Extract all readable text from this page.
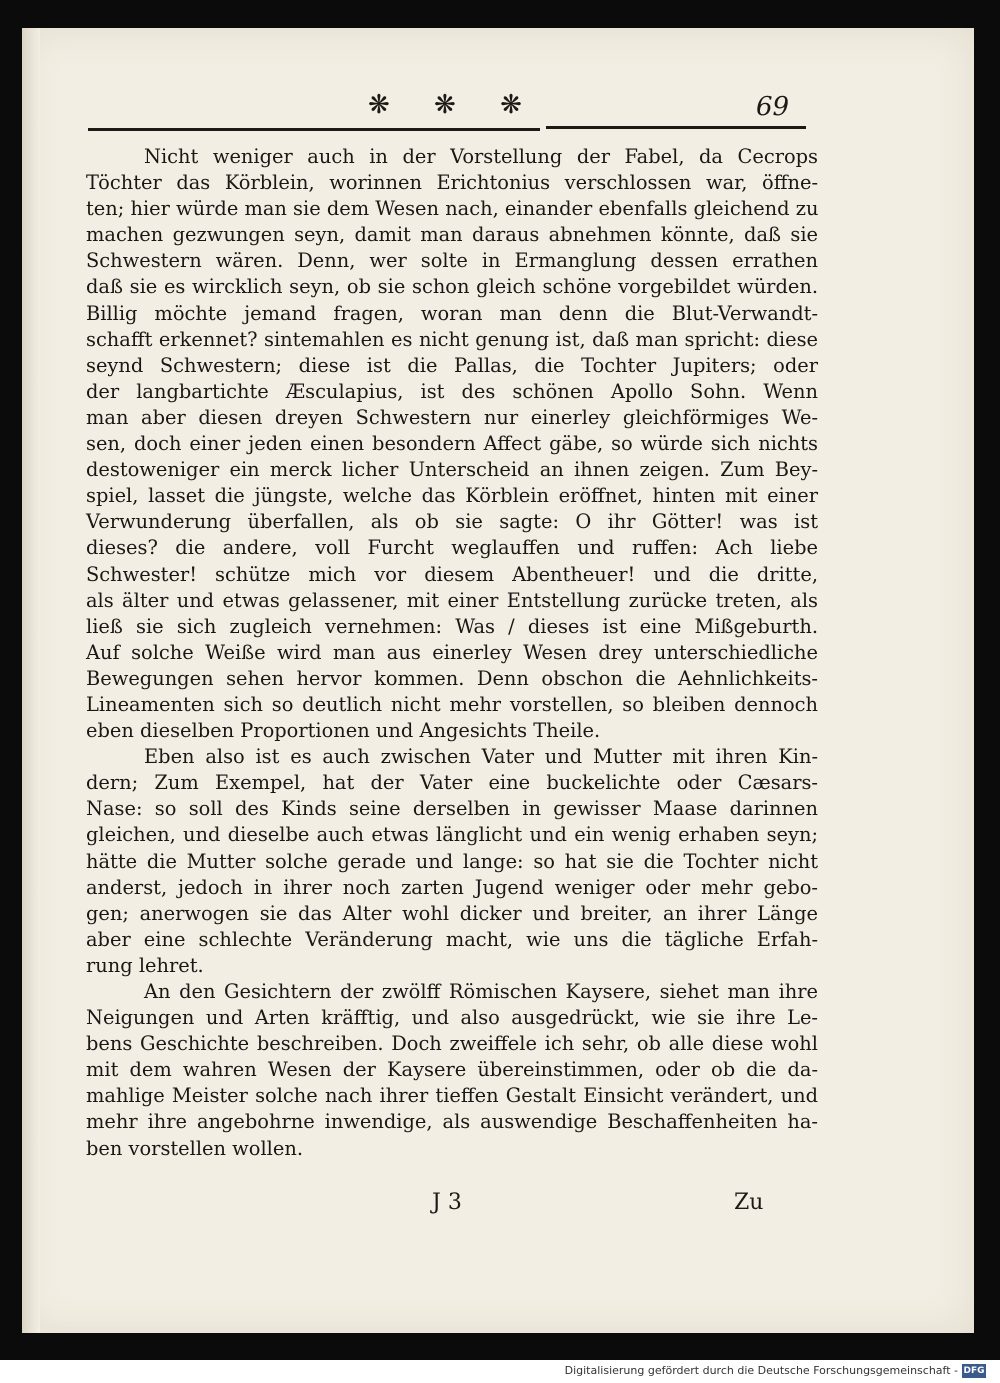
❋ ❋ ❋	69
Nicht weniger auch in der Vorstellung der Fabel, da Cecrops
Töchter das Körblein, worinnen Erichtonius verschlossen war, öffne-
ten; hier würde man sie dem Wesen nach, einander ebenfalls gleichend zu
machen gezwungen seyn, damit man daraus abnehmen könnte, daß sie
Schwestern wären. Denn, wer solte in Ermanglung dessen errathen
daß sie es wircklich seyn, ob sie schon gleich schöne vorgebildet würden.
Billig möchte jemand fragen, woran man denn die Blut-Verwandt-
schafft erkennet? sintemahlen es nicht genung ist, daß man spricht: diese
seynd Schwestern; diese ist die Pallas, die Tochter Jupiters; oder
der langbartichte Æsculapius, ist des schönen Apollo Sohn. Wenn
man aber diesen dreyen Schwestern nur einerley gleichförmiges We-
sen, doch einer jeden einen besondern Affect gäbe, so würde sich nichts
destoweniger ein merck licher Unterscheid an ihnen zeigen. Zum Bey-
spiel, lasset die jüngste, welche das Körblein eröffnet, hinten mit einer
Verwunderung überfallen, als ob sie sagte: O ihr Götter! was ist
dieses? die andere, voll Furcht weglauffen und ruffen: Ach liebe
Schwester! schütze mich vor diesem Abentheuer! und die dritte,
als älter und etwas gelassener, mit einer Entstellung zurücke treten, als
ließ sie sich zugleich vernehmen: Was / dieses ist eine Mißgeburth.
Auf solche Weiße wird man aus einerley Wesen drey unterschiedliche
Bewegungen sehen hervor kommen. Denn obschon die Aehnlichkeits-
Lineamenten sich so deutlich nicht mehr vorstellen, so bleiben dennoch
eben dieselben Proportionen und Angesichts Theile.
Eben also ist es auch zwischen Vater und Mutter mit ihren Kin-
dern; Zum Exempel, hat der Vater eine buckelichte oder Cæsars-
Nase: so soll des Kinds seine derselben in gewisser Maase darinnen
gleichen, und dieselbe auch etwas länglicht und ein wenig erhaben seyn;
hätte die Mutter solche gerade und lange: so hat sie die Tochter nicht
anderst, jedoch in ihrer noch zarten Jugend weniger oder mehr gebo-
gen; anerwogen sie das Alter wohl dicker und breiter, an ihrer Länge
aber eine schlechte Veränderung macht, wie uns die tägliche Erfah-
rung lehret.
An den Gesichtern der zwölff Römischen Kaysere, siehet man ihre
Neigungen und Arten kräfftig, und also ausgedrückt, wie sie ihre Le-
bens Geschichte beschreiben. Doch zweiffele ich sehr, ob alle diese wohl
mit dem wahren Wesen der Kaysere übereinstimmen, oder ob die da-
mahlige Meister solche nach ihrer tieffen Gestalt Einsicht verändert, und
mehr ihre angebohrne inwendige, als auswendige Beschaffenheiten ha-
ben vorstellen wollen.
J 3	Zu
Digitalisierung gefördert durch die Deutsche Forschungsgemeinschaft - DFG
